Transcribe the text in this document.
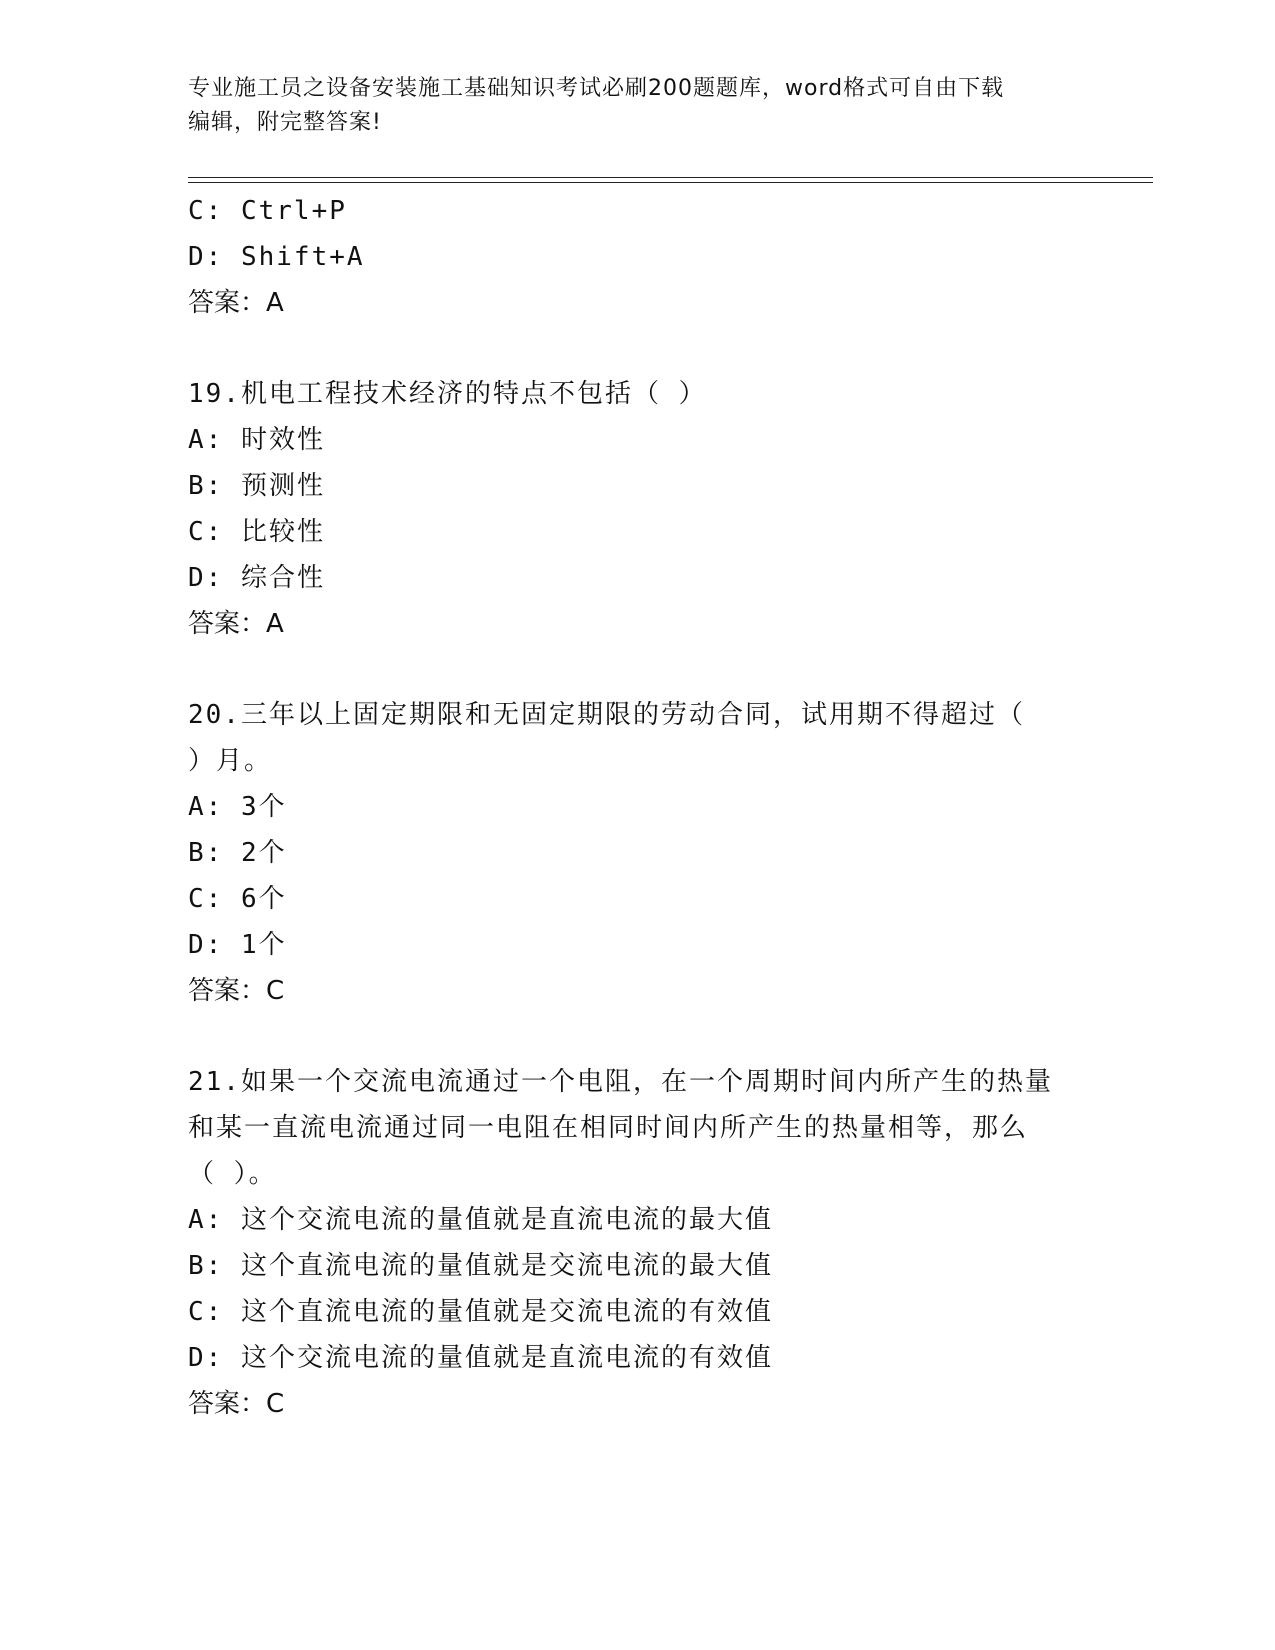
专业施工员之设备安装施工基础知识考试必刷200题题库，word格式可自由下载
编辑，附完整答案!
C: Ctrl+P
D: Shift+A
答案：A
19.机电工程技术经济的特点不包括（ ）
A: 时效性
B: 预测性
C: 比较性
D: 综合性
答案：A
20.三年以上固定期限和无固定期限的劳动合同，试用期不得超过（
）月。
A: 3个
B: 2个
C: 6个
D: 1个
答案：C
21.如果一个交流电流通过一个电阻，在一个周期时间内所产生的热量
和某一直流电流通过同一电阻在相同时间内所产生的热量相等，那么
（ ）。
A: 这个交流电流的量值就是直流电流的最大值
B: 这个直流电流的量值就是交流电流的最大值
C: 这个直流电流的量值就是交流电流的有效值
D: 这个交流电流的量值就是直流电流的有效值
答案：C
